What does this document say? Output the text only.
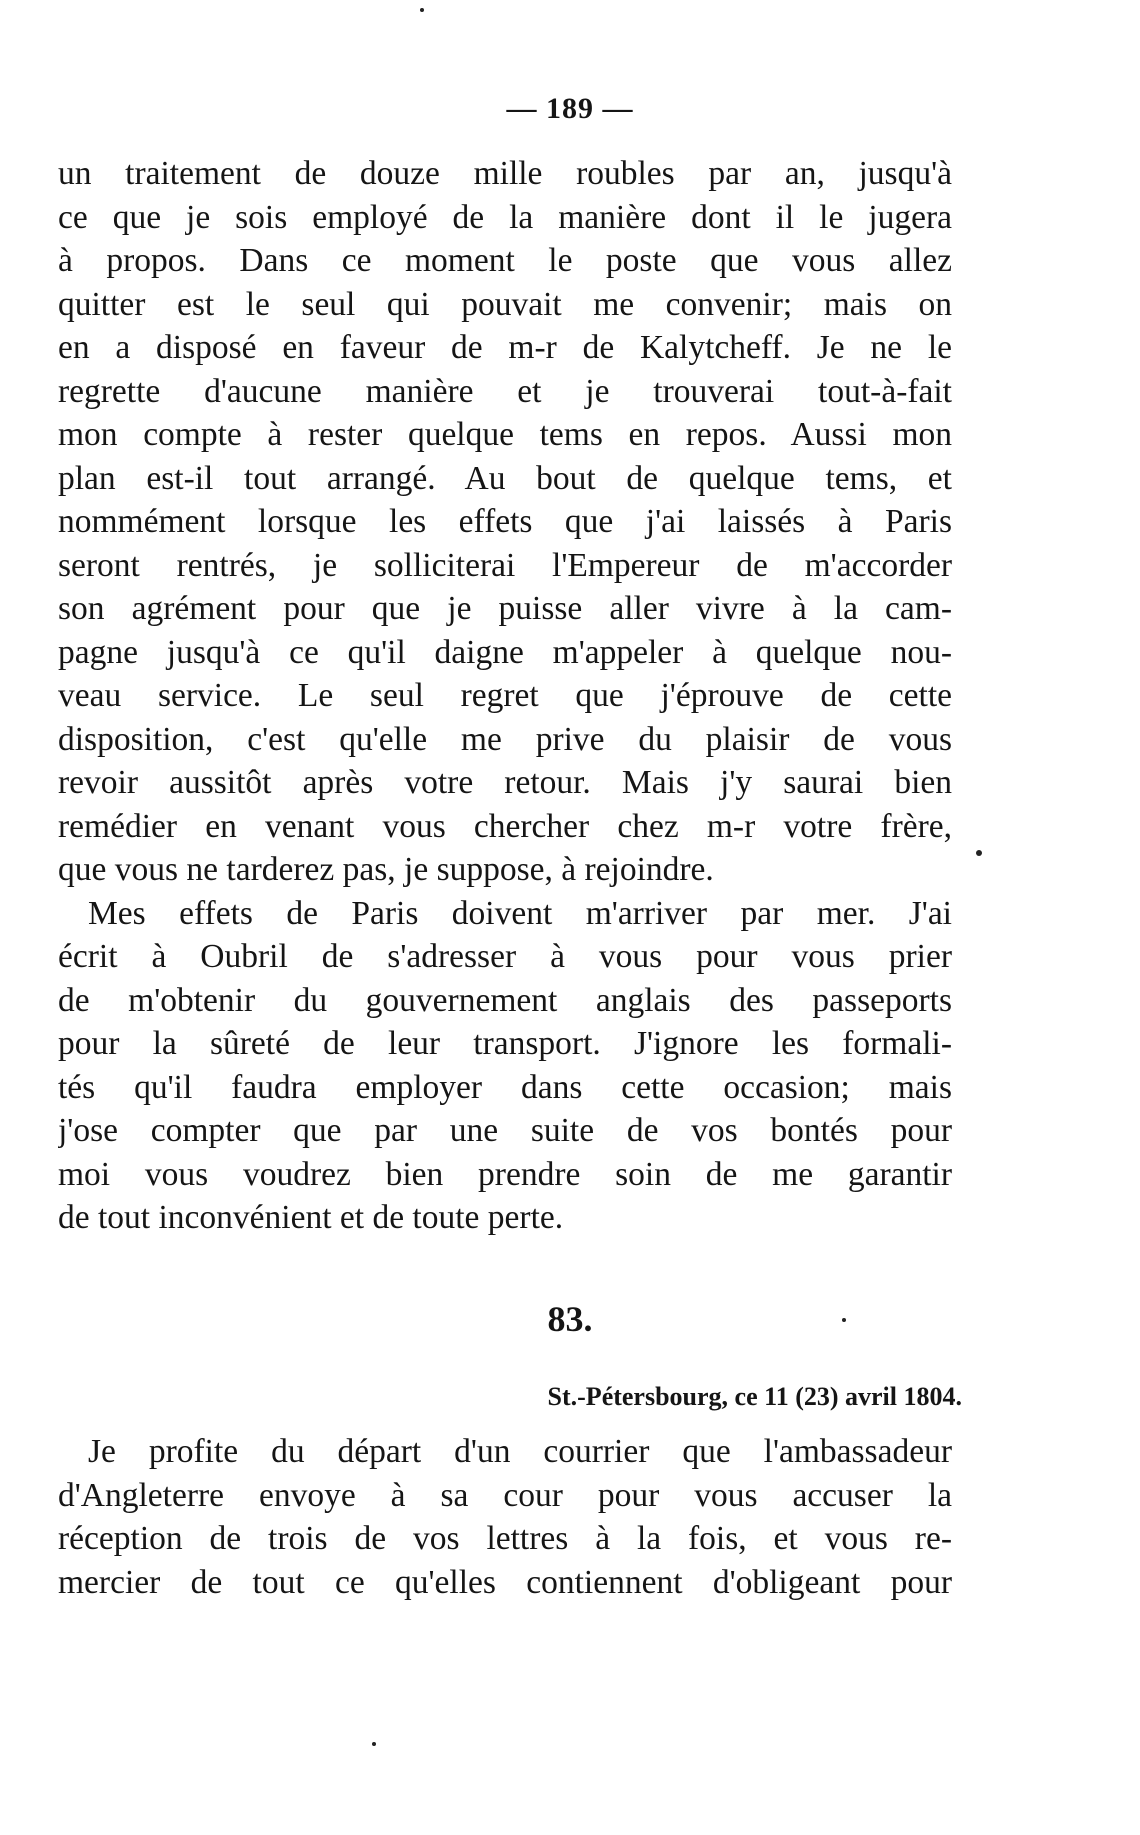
— 189 —
un traitement de douze mille roubles par an, jusqu'à
ce que je sois employé de la manière dont il le jugera
à propos. Dans ce moment le poste que vous allez
quitter est le seul qui pouvait me convenir; mais on
en a disposé en faveur de m-r de Kalytcheff. Je ne le
regrette d'aucune manière et je trouverai tout-à-fait
mon compte à rester quelque tems en repos. Aussi mon
plan est-il tout arrangé. Au bout de quelque tems, et
nommément lorsque les effets que j'ai laissés à Paris
seront rentrés, je solliciterai l'Empereur de m'accorder
son agrément pour que je puisse aller vivre à la cam-
pagne jusqu'à ce qu'il daigne m'appeler à quelque nou-
veau service. Le seul regret que j'éprouve de cette
disposition, c'est qu'elle me prive du plaisir de vous
revoir aussitôt après votre retour. Mais j'y saurai bien
remédier en venant vous chercher chez m-r votre frère,
que vous ne tarderez pas, je suppose, à rejoindre.
Mes effets de Paris doivent m'arriver par mer. J'ai
écrit à Oubril de s'adresser à vous pour vous prier
de m'obtenir du gouvernement anglais des passeports
pour la sûreté de leur transport. J'ignore les formali-
tés qu'il faudra employer dans cette occasion; mais
j'ose compter que par une suite de vos bontés pour
moi vous voudrez bien prendre soin de me garantir
de tout inconvénient et de toute perte.
83.
St.-Pétersbourg, ce 11 (23) avril 1804.
Je profite du départ d'un courrier que l'ambassadeur
d'Angleterre envoye à sa cour pour vous accuser la
réception de trois de vos lettres à la fois, et vous re-
mercier de tout ce qu'elles contiennent d'obligeant pour
